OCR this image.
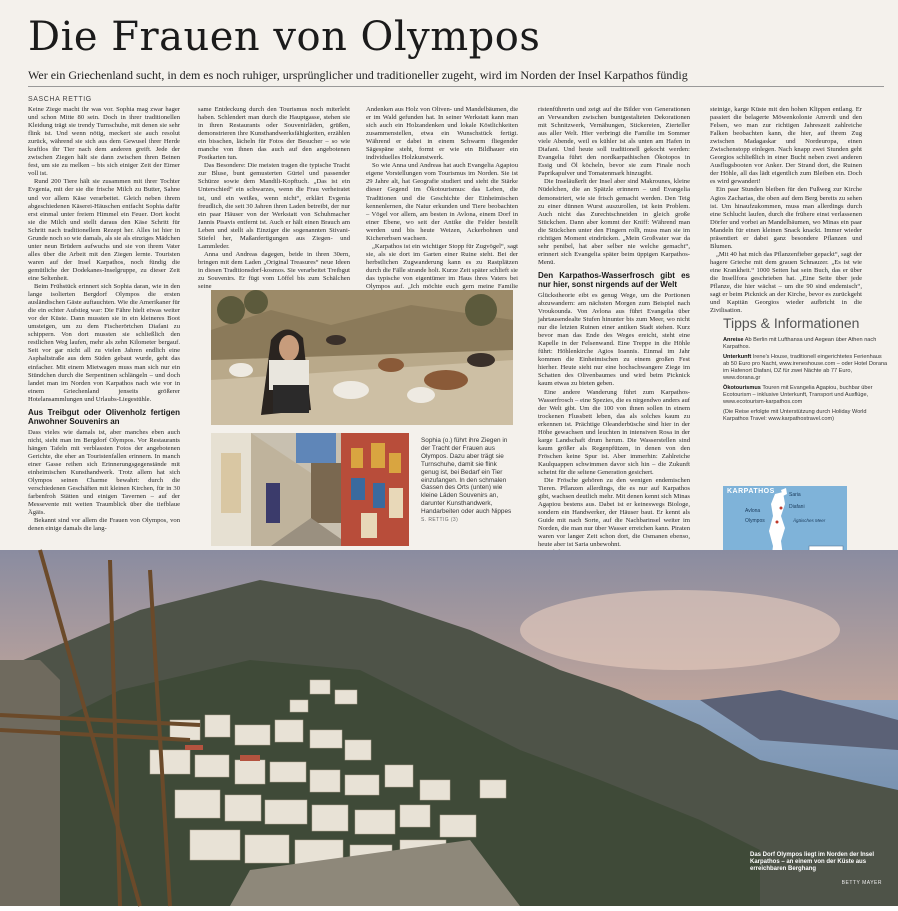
Die Frauen von Olympos
Wer ein Griechenland sucht, in dem es noch ruhiger, ursprünglicher und traditioneller zugeht, wird im Norden der Insel Karpathos fündig
SASCHA RETTIG

Keine Ziege macht ihr was vor. Sophia mag zwar hager und schon Mitte 80 sein. Doch in ihrer traditionellen Kleidung trägt sie trendy Turnschuhe, mit denen sie sehr flink ist. Und wenn nötig, meckert sie auch resolut zurück, während sie sich aus dem Gewusel ihrer Herde kraftlos ihr Tier nach dem anderen greift. Jede der zwischen Ziegen hält sie dann zwischen ihren Beinen fest, um sie zu melken – bis sich einiger Zeit der Eimer voll ist.

Rund 200 Tiere hält sie zusammen mit ihrer Tochter Evgenia, mit der sie die frische Milch zu Butter, Sahne und vor allem Käse verarbeitet. Gleich neben ihrem abgeschiedenen Käserei-Häuschen entfacht Sophia dafür erst einmal unter freiem Himmel ein Feuer. Dort kocht sie die Milch und stellt daraus den Käse Schritt für Schritt nach traditionellem Rezept her. Alles ist hier in Grunde noch so wie damals, als sie als einziges Mädchen unter neun Brüdern aufwuchs und sie von ihrem Vater alles über die Arbeit mit den Ziegen lernte. Touristen waren auf der Insel Karpathos, noch fündig die gemütliche der Dodekanes-Inselgruppe, zu dieser Zeit eine Seltenheit.

Beim Frühstück erinnert sich Sophia daran, wie in den lange isolierten Bergdorf Olympos die ersten ausländischen Gäste auftauchten. Wie die Amerikaner für die ein echter Aufstieg war: Die Fähre hielt etwas weiter vor der Küste. Dann mussten sie in ein kleineres Boot umsteigen, um zu dem Fischerörtchen Diafani zu schippern. Von dort mussten sie schließlich den restlichen Weg laufen, mehr als zehn Kilometer bergauf. Seit vor gar nicht all zu vielen Jahren endlich eine Asphaltstraße aus dem Süden gebaut wurde, geht das einfacher. Mit einem Mietwagen muss man sich nur ein Stündchen durch die Serpentinen schlängeln – und doch landet man im Norden von Karpathos nach wie vor in einem Griechenland jenseits größerer Hotelansammlungen und Urlaubs-Liegestühle.

Aus Treibgut oder Olivenholz fertigen Anwohner Souvenirs an

Dass vieles wie damals ist, aber manches eben auch nicht, sieht man im Bergdorf Olympos. Vor Restaurants hängen Tafeln mit verblassten Fotos der angebotenen Gerichte, die eher an Touristenfallen erinnern. In manch einer Gasse reihen sich Erinnerungsgegenstände mit einheimischen Kunsthandwerk. Trotz allem hat sich Olympos seinen Charme bewahrt: durch die verschiedenen Geschäften mit kleinen Kirchen, für in 30 farbenfroh Stätten und einigen Tavernen – auf der Messevente mit weiten Traumblick über die tiefblaue Ägäis.

Bekannt sind vor allem die Frauen von Olympos, von denen einige damals die lang-

same Entdeckung durch den Tourismus noch miterlebt haben. Schlendert man durch die Hauptgasse, stehen sie in ihren Restaurants oder Souvenirläden, grüßen, demonstrieren ihre Kunsthandwerksfähigkeiten, erzählen ein bisschen, lächeln für Fotos der Besucher – so wie manche von ihnen das auch auf den angebotenen Postkarten tun.

Das Besondere: Die meisten tragen die typische Tracht zur Bluse, bunt gemusterten Gürtel und passender Schürze sowie dem Mandili-Kopftuch. „Das ist ein Unterschied“ ein schwarzes, wenn die Frau verheiratet ist, und ein weißes, wenn nicht“, erklärt Evgenia freudlich, die seit 30 Jahren ihren Laden betreibt, der nur ein paar Häuser von der Werkstatt von Schuhmacher Jannis Pisavis entfernt ist. Auch er hält einen Brauch am Leben und stellt als Einziger die sogenannten Stivani-Stiefel her, Maßanfertigungen aus Ziegen- und Lammleder.

Anna und Andreas dagegen, beide in ihren 30ern, bringen mit dem Laden „Original Treasures“ neue Ideen in diesen Traditionsdorf-kosmos. Sie verarbeitet Treibgut zu Souvenirs. Er fügt vom Löffel bis zum Schälchen seine

Andenken aus Holz von Oliven- und Mandelbäumen, die er im Wald gefunden hat. In seiner Werkstatt kann man sich auch ein Holzandenken und lokale Köstlichkeiten zusammenstellen, etwa ein Wunschstück fertigt. Während er dabei in einem Schwarm fliegender Sägespäne steht, formt er wie ein Bildhauer ein individuelles Holzkunstwerk.

So wie Anna und Andreas hat auch Evangelia Agapiou eigene Vorstellungen vom Tourismus im Norden. Sie ist 29 Jahre alt, hat Geografie studiert und sieht die Stärke dieser Gegend im Ökotourismus: das Leben, die Traditionen und die Geschichte der Einheimischen kennenlernen, die Natur erkunden und Tiere beobachten – Vögel vor allem, am besten in Avlona, einem Dorf in einer Ebene, wo seit der Antike die Felder bestellt werden und bis heute Weizen, Ackerbohnen und Kichererbsen wachsen.

„Karpathos ist ein wichtiger Stopp für Zugvögel“, sagt sie, als sie dort im Garten einer Ruine steht. Bei der herbstlichen Zugwanderung kann es zu Rastplätzen durch die Fälle strande holt. Kurze Zeit später schlieft sie das typische von eigentümer im Haus ihres Vaters bei Olympos auf. „Ich möchte euch gern meine Familie

ristenführerin und zeigt auf die Bilder von Generationen an Verwandten zwischen buntgestalteten Dekorationen mit Schnitzwerk, Vernähungen, Stickereien, Zierteller aus aller Welt. Hier verbringt die Familie im Sommer viele Abende, weil es kühler ist als unten am Hafen in Diafani. Und heute soll traditionell gekocht werden: Evangelia führt den nordkarpathischen Ökotopos in Essig und Öl köcheln, bevor sie zum Finale noch Paprikapulver und Tomatenmark hinzugibt.

Die Inseläußerlt der Insel aber sind Makrounes, kleine Nüdelchen, die an Spätzle erinnern – und Evangelia demonstriert, wie sie frisch gemacht werden. Den Teig zu einer dünnen Wurst auszurollen, ist kein Problem. Auch nicht das Zurechtschneiden in gleich große Stückchen. Dann aber kommt der Kniff: Während man die Stückchen unter den Fingern rollt, muss man sie im richtigen Moment eindrücken. „Mein Großvater war da sehr penibel, hat aber selber nie welche gemacht“, erinnert sich Evangelia später beim üppigen Karpathos-Menü.

Den Karpathos-Wasserfrosch gibt es nur hier, sonst nirgends auf der Welt

Glückstheorie eibt es genug Wege, um die Portionen abzuwandern: am nächsten Morgen zum Beispiel nach Vroukounda. Von Avlona aus führt Evangelia über jahrtausendealte Stufen hinunter bis zum Meer, wo nicht nur die letzten Ruinen einer antiken Stadt stehen. Kurz bevor man das Ende des Weges ereicht, steht eine Kapelle in der Felsenwand. Eine Treppe in die Höhle führt: Höhlenkirche Agios Ioannis. Einmal im Jahr kommen die Einheimischen zu einem großen Fest hierher. Heute sieht nur eine hochschwangere Ziege im Schatten des Olivenbaumes und wird beim Picknick kaum etwas zu bieten geben.

Eine andere Wanderung führt zum Karpathos-Wasserfrosch – eine Spezies, die es nirgendwo anders auf der Welt gibt. Um die 100 von ihnen sollen in einem trockenen Flussbett leben, das als solches kaum zu erkennen ist. Prächtige Oleanderbüsche sind hier in der Höhe gewachsen und leuchten in intensiven Rosa in der karge Landschaft drum herum. Die Wasserstellen sind kaum größer als Regenpfützen, in denen von den Fröschen keine Spur ist. Aber immerhin: Zahlreiche Kaulquappen schwimmen davor sich hin – die Zukunft scheint für die seltene Generation gesichert.

Die Frösche gehören zu den wenigen endemischen Tieren. Pflanzen allerdings, die es nur auf Karpathos gibt, wachsen deutlich mehr. Mit denen kennt sich Minas Agapiou bestens aus. Dabei ist er keineswegs Biologe, sondern ein Handwerker, der Häuser baut. Er kennt als Guide mit nach Sorte, auf die Nachbarinsel weiter im Norden, die man nur über Wasser erreichen kann. Piraten waren vor langer Zeit schon dort, die Osmanen ebenso, heute aber ist Saria unbewohnt.

steinige, karge Küste mit den hohen Klippen entlang. Er passiert die belagerte Möwenkolonie Amvrdi und den Felsen, wo man zur richtigen Jahreszeit zahlreiche Falken beobachten kann, die hier, auf ihrem Zug zwischen Madagaskar und Nordeuropa, einen Zwischenstopp einlegen. Nach knapp zwei Stunden geht Georgios schließlich in einer Bucht neben zwei anderen Ausflugsbooten vor Anker. Der Strand dort, die Ruinen der Höhle, all das lädt eigentlich zum Bleiben ein. Doch es wird gewandert!

Ein paar Stunden bleiben für den Fußweg zur Kirche Agios Zacharias, die oben auf dem Berg bereits zu sehen ist. Um hinaufzukommen, muss man allerdings durch eine Schlucht laufen, durch die frühere einst verlassenen Dörfer und vorbei an Mandelbäumen, wo Minas ein paar Mandeln für einen kleinen Snack knackt. Immer wieder präsentiert er dabei ganz besondere Pflanzen und Blumen.

„Mit 40 hat mich das Pflanzenfieber gepackt“, sagt der hagere Grieche mit dem grauen Schnauzer. „Es ist wie eine Krankheit.“ 1000 Seiten hat sein Buch, das er über die Insellfora geschrieben hat. „Eine Seite über jede Pflanze, die hier wächst – um die 90 sind endemisch“, sagt er beim Picknick an der Kirche, bevor es zurückgeht und Kapitän Georgios wieder aufbricht in die Zivilisation.

Sophia (o.) führt ihre Ziegen in der Tracht der Frauen aus Olympos. Dazu aber trägt sie Turnschuhe, damit sie flink genug ist, bei Bedarf ein Tier einzufangen. In den schmalen Gassen des Orts (unten) wie kleine Läden Souvenirs an, darunter Kunsthandwerk, Handarbeiten oder auch Nippes S. RETTIG (3)
Tipps & Informationen

Anreise Ab Berlin mit Lufthansa und Aegean über Athen nach Karpathos.

Unterkunft Irene's House, traditionell eingerichtetes Ferienhaus ab 50 Euro pro Nacht, www.ireneshouse.com – oder Hotel Dorana im Hafenort Diafani, DZ für zwei Nächte ab 77 Euro, www.dorana.gr

Ökotourismus Touren mit Evangelia Agapiou, buchbar über Ecotourism – inklusive Unterkunft, Transport und Ausflüge, www.ecotourism-karpathos.com

(Die Reise erfolgte mit Unterstützung durch Holiday World Karpathos Travel: www.karpathostravel.com)

Saria
Diafani
Avlona
Olympos	Ägäisches Meer
KARPATHOS
Das Dorf Olympos liegt im Norden der Insel Karpathos – an einem von der Küste aus erreichbaren Berghang
BETTY MAYER
